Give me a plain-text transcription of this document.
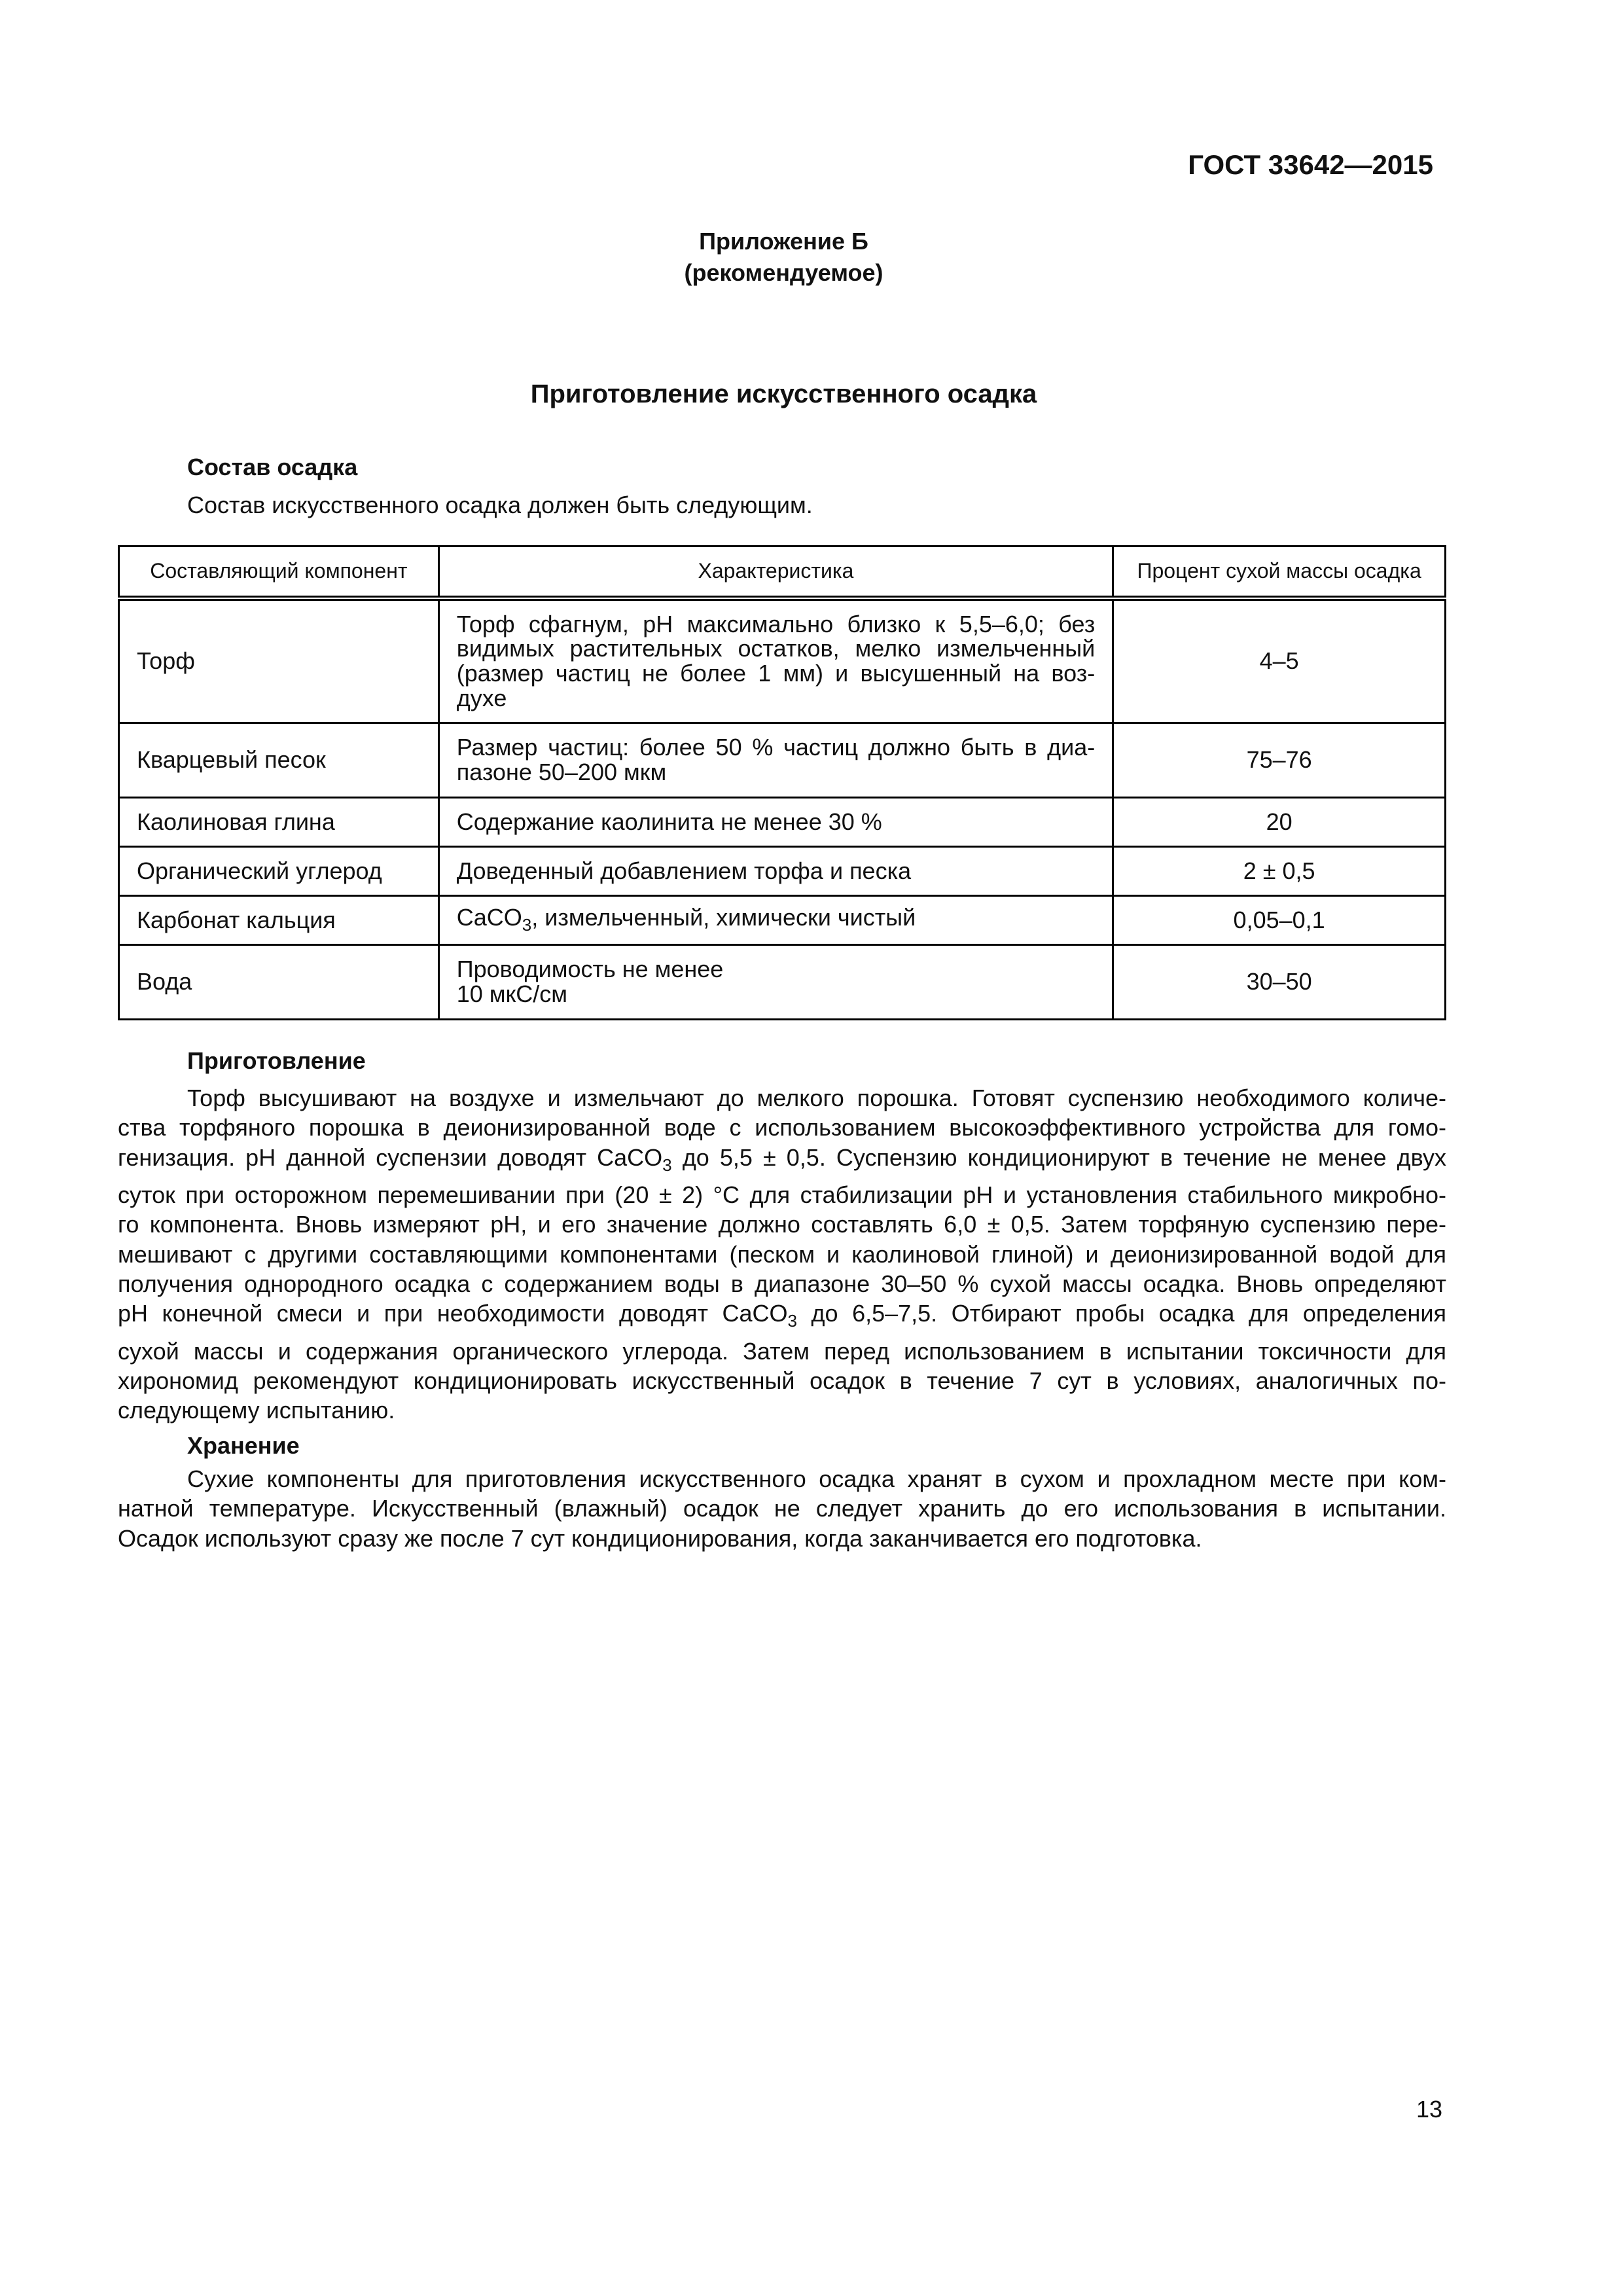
ГОСТ 33642—2015
Приложение Б
(рекомендуемое)
Приготовление искусственного осадка
Состав осадка
Состав искусственного осадка должен быть следующим.
Составляющий компонент	Характеристика	Процент сухой массы осадка
Торф	Торф сфагнум, pH максимально близко к 5,5–6,0; без
видимых растительных остатков, мелко измельченный
(размер частиц не более 1 мм) и высушенный на воз-
духе	4–5
Кварцевый песок	Размер частиц: более 50 % частиц должно быть в диа-
пазоне 50–200 мкм	75–76
Каолиновая глина	Содержание каолинита не менее 30 %	20
Органический углерод	Доведенный добавлением торфа и песка	2 ± 0,5
Карбонат кальция	CaCO$_3$, измельченный, химически чистый	0,05–0,1
Вода	Проводимость не менее
10 мкС/см	30–50
Приготовление
Торф высушивают на воздухе и измельчают до мелкого порошка. Готовят суспензию необходимого количе-
ства торфяного порошка в деионизированной воде с использованием высокоэффективного устройства для гомо-
генизация. pH данной суспензии доводят CaCO$_3$ до 5,5 ± 0,5. Суспензию кондиционируют в течение не менее двух
суток при осторожном перемешивании при (20 ± 2) °С для стабилизации pH и установления стабильного микробно-
го компонента. Вновь измеряют pH, и его значение должно составлять 6,0 ± 0,5. Затем торфяную суспензию пере-
мешивают с другими составляющими компонентами (песком и каолиновой глиной) и деионизированной водой для
получения однородного осадка с содержанием воды в диапазоне 30–50 % сухой массы осадка. Вновь определяют
pH конечной смеси и при необходимости доводят CaCO$_3$ до 6,5–7,5. Отбирают пробы осадка для определения
сухой массы и содержания органического углерода. Затем перед использованием в испытании токсичности для
хирономид рекомендуют кондиционировать искусственный осадок в течение 7 сут в условиях, аналогичных по-
следующему испытанию.
Хранение
Сухие компоненты для приготовления искусственного осадка хранят в сухом и прохладном месте при ком-
натной температуре. Искусственный (влажный) осадок не следует хранить до его использования в испытании.
Осадок используют сразу же после 7 сут кондиционирования, когда заканчивается его подготовка.
13
